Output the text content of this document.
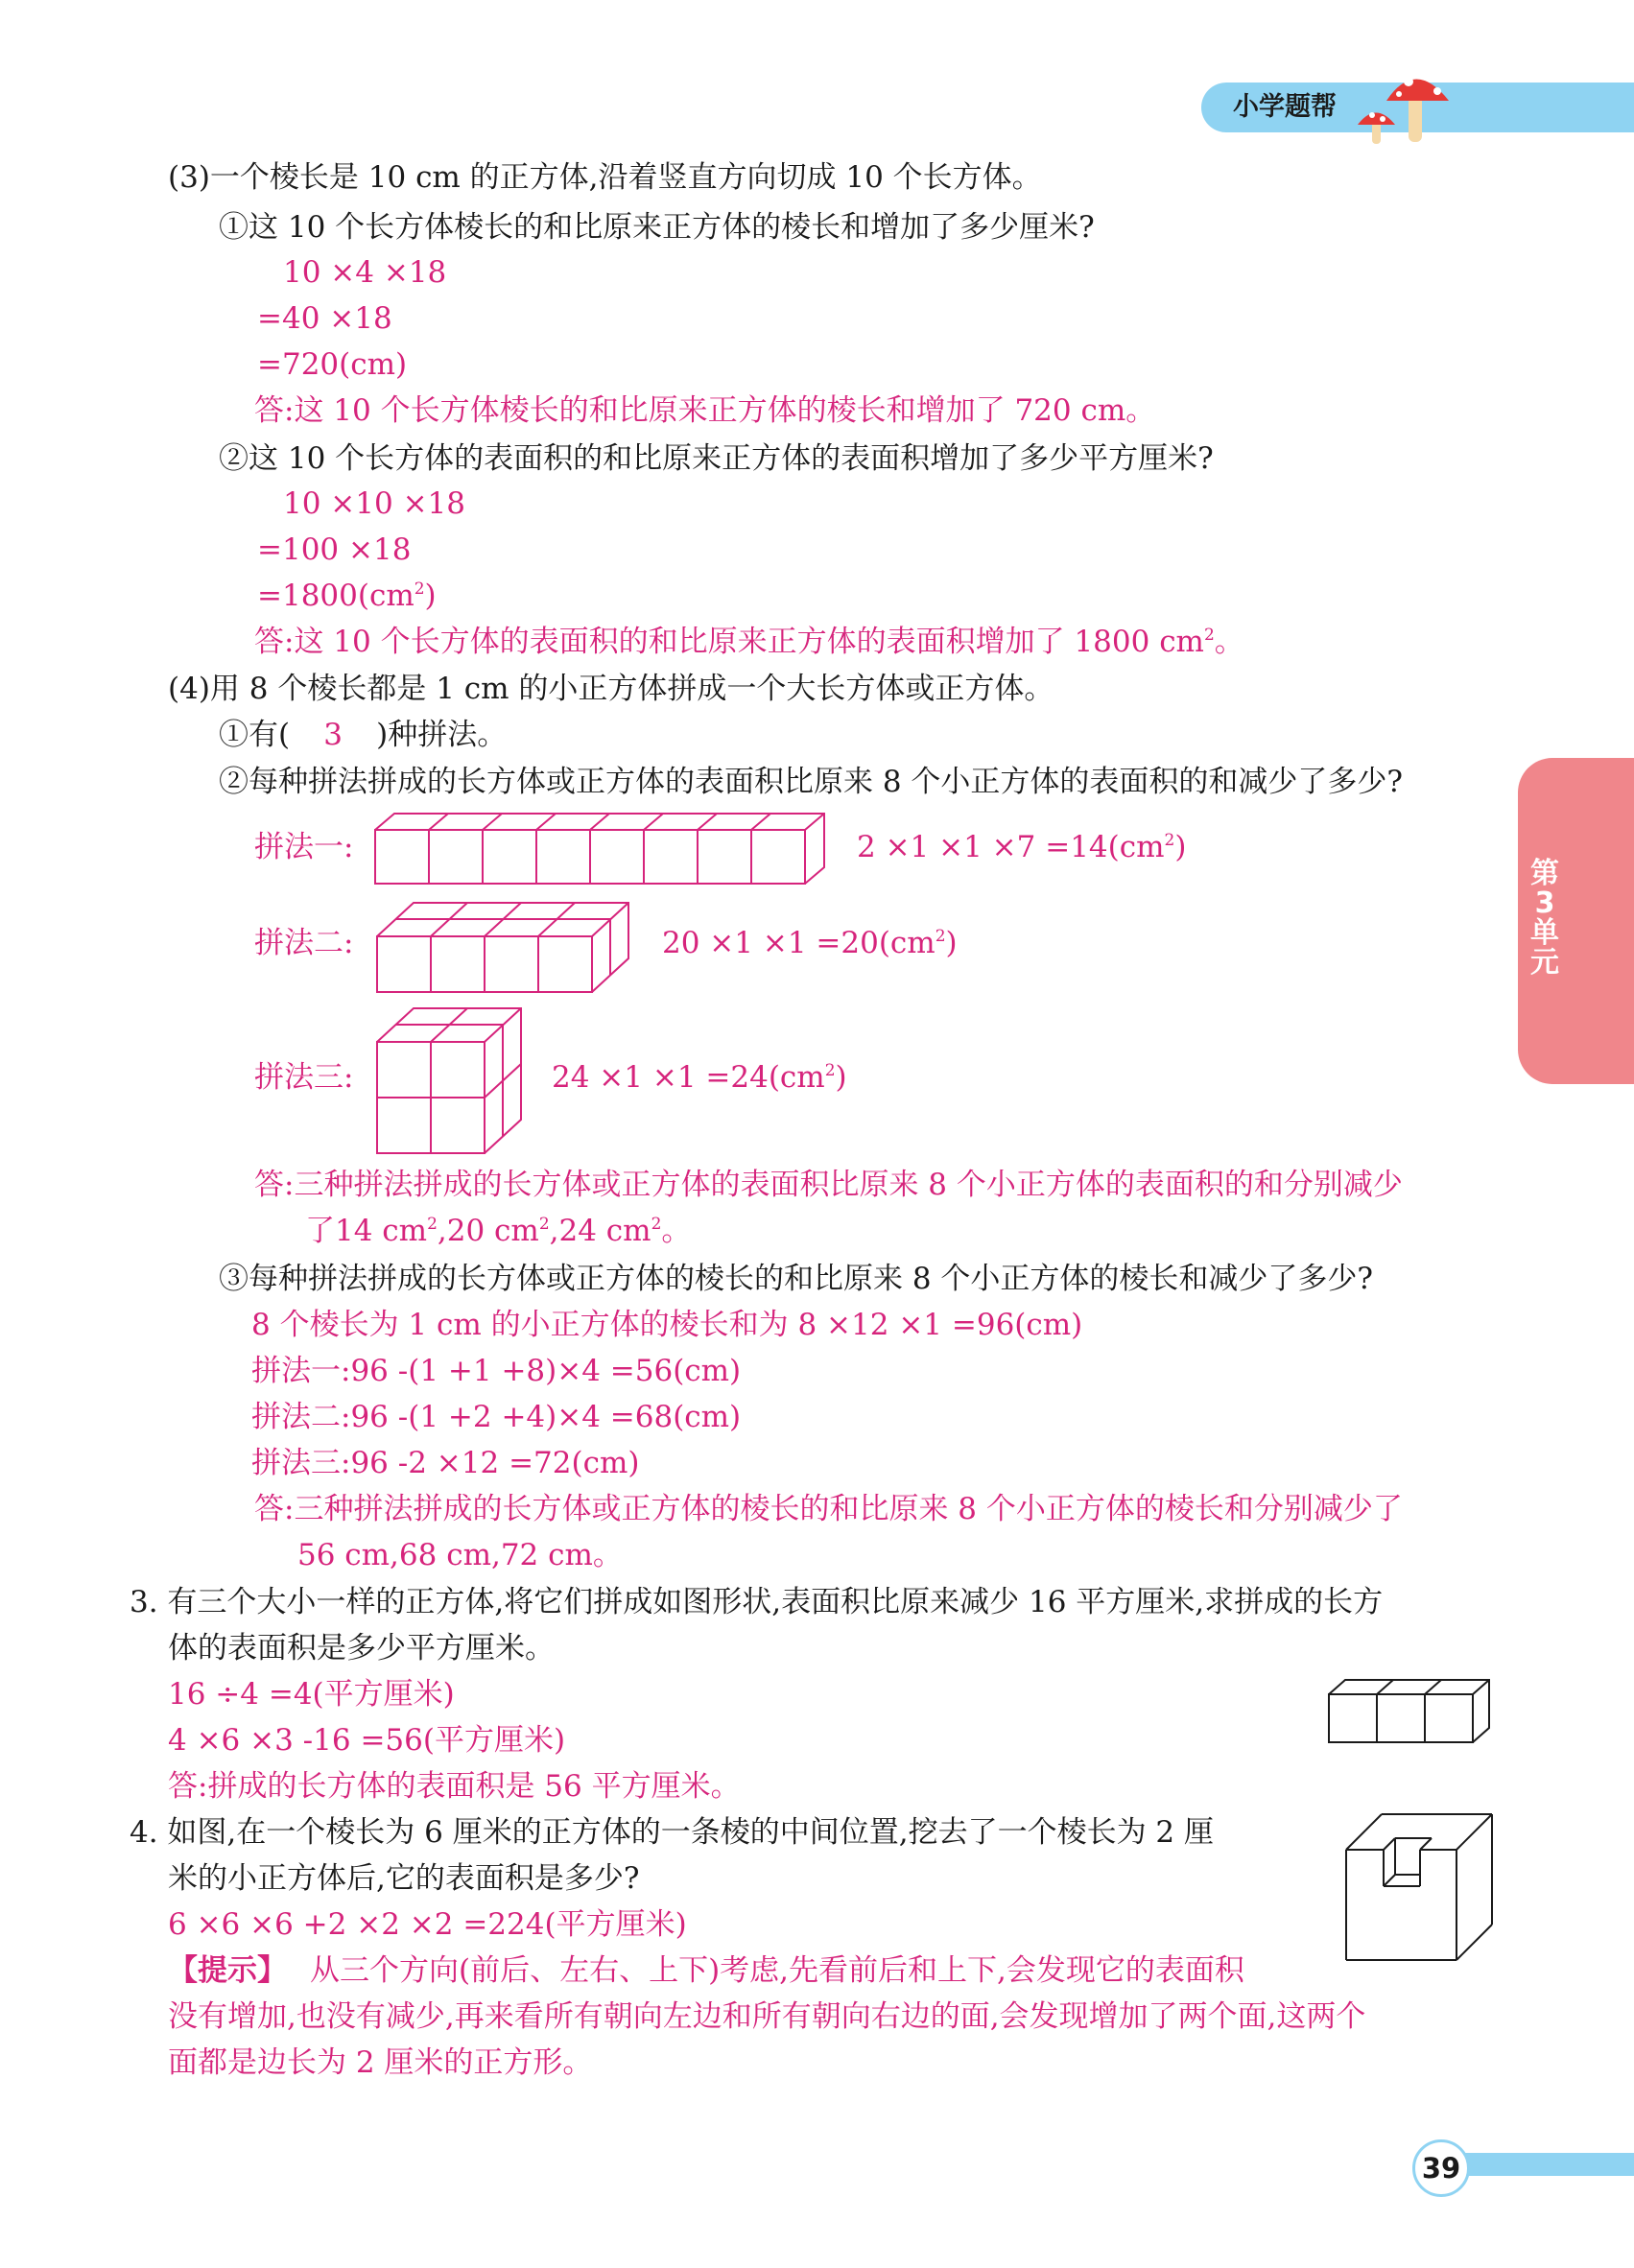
小学题帮
第3单元
(3)一个棱长是 10 cm 的正方体,沿着竖直方向切成 10 个长方体。
①这 10 个长方体棱长的和比原来正方体的棱长和增加了多少厘米?
10 ×4 ×18
=40 ×18
=720(cm)
答:这 10 个长方体棱长的和比原来正方体的棱长和增加了 720 cm。
②这 10 个长方体的表面积的和比原来正方体的表面积增加了多少平方厘米?
10 ×10 ×18
=100 ×18
$=1800(cm^2)$
答:这 10 个长方体的表面积的和比原来正方体的表面积增加了 1800 $cm^2$。
(4)用 8 个棱长都是 1 cm 的小正方体拼成一个大长方体或正方体。
①有( 3 )种拼法。
②每种拼法拼成的长方体或正方体的表面积比原来 8 个小正方体的表面积的和减少了多少?
拼法一:	$2 \times 1 \times 1 \times 7 =14(cm^2)$
拼法二:	$20 \times 1 \times 1 =20(cm^2)$
拼法三:	$24 \times 1 \times 1 =24(cm^2)$
答:三种拼法拼成的长方体或正方体的表面积比原来 8 个小正方体的表面积的和分别减少
了14 $cm^2,20$ $cm^2,24$ $cm^2$。
③每种拼法拼成的长方体或正方体的棱长的和比原来 8 个小正方体的棱长和减少了多少?
8 个棱长为 1 cm 的小正方体的棱长和为 8 ×12 ×1 =96(cm)
拼法一:96 -(1 +1 +8)×4 =56(cm)
拼法二:96 -(1 +2 +4)×4 =68(cm)
拼法三:96 -2 ×12 =72(cm)
答:三种拼法拼成的长方体或正方体的棱长的和比原来 8 个小正方体的棱长和分别减少了
56 cm,68 cm,72 cm。
3. 有三个大小一样的正方体,将它们拼成如图形状,表面积比原来减少 16 平方厘米,求拼成的长方
体的表面积是多少平方厘米。
16 ÷4 =4(平方厘米)
4 ×6 ×3 -16 =56(平方厘米)
答:拼成的长方体的表面积是 56 平方厘米。
4. 如图,在一个棱长为 6 厘米的正方体的一条棱的中间位置,挖去了一个棱长为 2 厘
米的小正方体后,它的表面积是多少?
6 ×6 ×6 +2 ×2 ×2 =224(平方厘米)
【提示】 从三个方向(前后、左右、上下)考虑,先看前后和上下,会发现它的表面积
没有增加,也没有减少,再来看所有朝向左边和所有朝向右边的面,会发现增加了两个面,这两个
面都是边长为 2 厘米的正方形。
39
